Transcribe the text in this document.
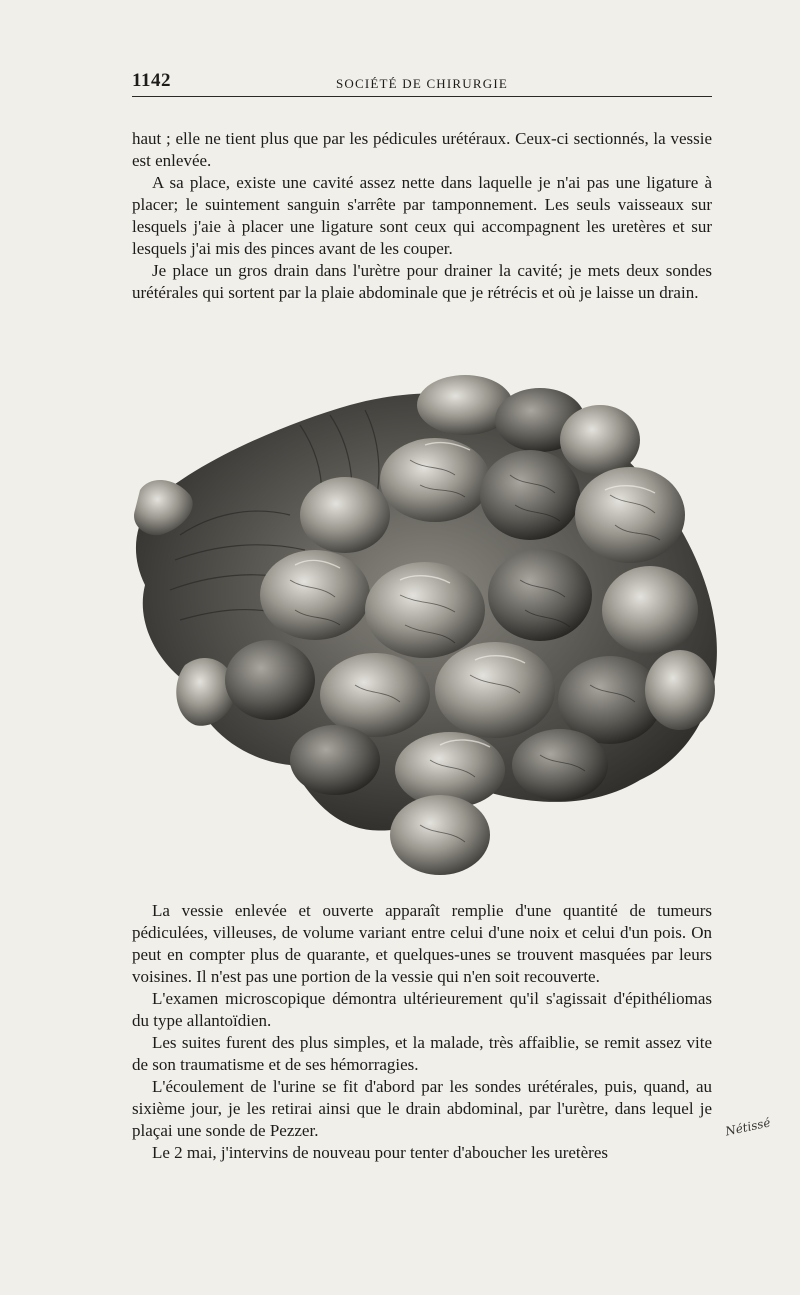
1142	SOCIÉTÉ DE CHIRURGIE

haut ; elle ne tient plus que par les pédicules urétéraux. Ceux-ci sectionnés, la vessie est enlevée.

A sa place, existe une cavité assez nette dans laquelle je n'ai pas une ligature à placer; le suintement sanguin s'arrête par tamponnement. Les seuls vaisseaux sur lesquels j'aie à placer une ligature sont ceux qui accompagnent les uretères et sur lesquels j'ai mis des pinces avant de les couper.

Je place un gros drain dans l'urètre pour drainer la cavité; je mets deux sondes urétérales qui sortent par la plaie abdominale que je rétrécis et où je laisse un drain.

Nétissé

La vessie enlevée et ouverte apparaît remplie d'une quantité de tumeurs pédiculées, villeuses, de volume variant entre celui d'une noix et celui d'un pois. On peut en compter plus de quarante, et quelques-unes se trouvent masquées par leurs voisines. Il n'est pas une portion de la vessie qui n'en soit recouverte.

L'examen microscopique démontra ultérieurement qu'il s'agissait d'épithéliomas du type allantoïdien.

Les suites furent des plus simples, et la malade, très affaiblie, se remit assez vite de son traumatisme et de ses hémorragies.

L'écoulement de l'urine se fit d'abord par les sondes urétérales, puis, quand, au sixième jour, je les retirai ainsi que le drain abdominal, par l'urètre, dans lequel je plaçai une sonde de Pezzer.

Le 2 mai, j'intervins de nouveau pour tenter d'aboucher les uretères
